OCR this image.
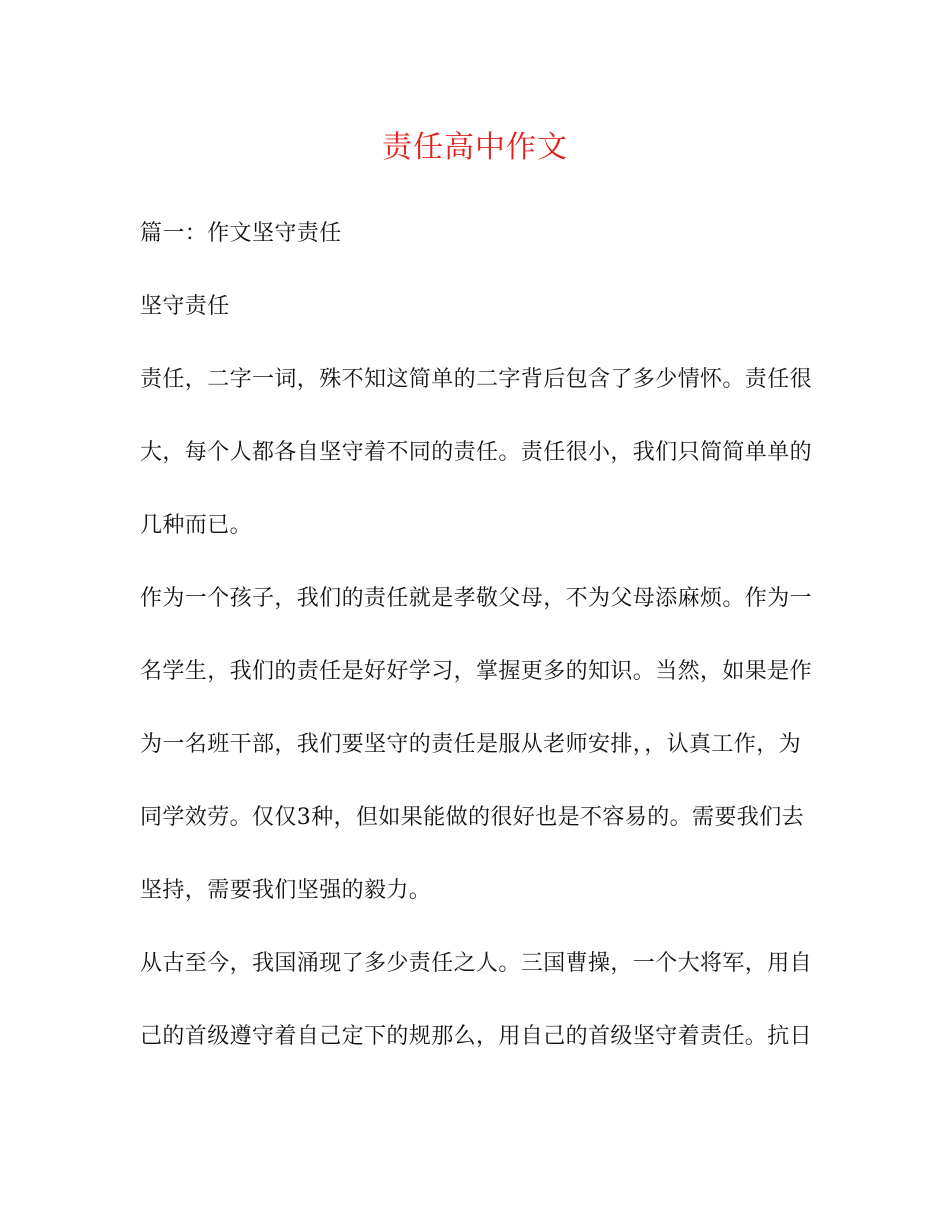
责任高中作文
篇一：作文坚守责任
坚守责任
责任，二字一词，殊不知这简单的二字背后包含了多少情怀。责任很
大，每个人都各自坚守着不同的责任。责任很小，我们只简简单单的
几种而已。
作为一个孩子，我们的责任就是孝敬父母，不为父母添麻烦。作为一
名学生，我们的责任是好好学习，掌握更多的知识。当然，如果是作
为一名班干部，我们要坚守的责任是服从老师安排，，认真工作，为
同学效劳。仅仅3种，但如果能做的很好也是不容易的。需要我们去
坚持，需要我们坚强的毅力。
从古至今，我国涌现了多少责任之人。三国曹操，一个大将军，用自
己的首级遵守着自己定下的规那么，用自己的首级坚守着责任。抗日
